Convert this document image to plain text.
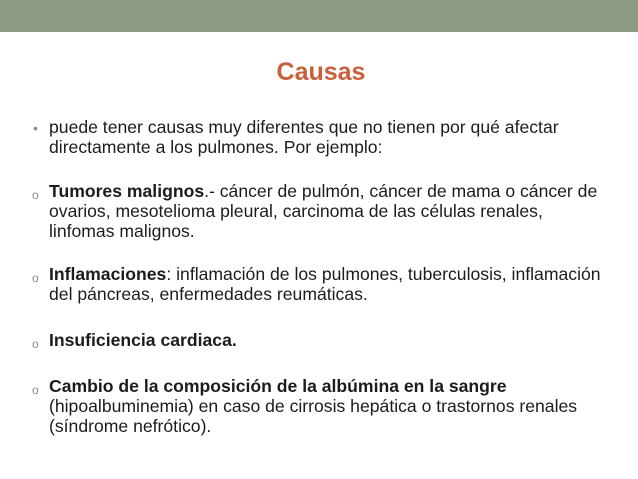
Causas
• puede tener causas muy diferentes que no tienen por qué afectar directamente a los pulmones. Por ejemplo:
o Tumores malignos.- cáncer de pulmón, cáncer de mama o cáncer de ovarios, mesotelioma pleural, carcinoma de las células renales, linfomas malignos.
o Inflamaciones: inflamación de los pulmones, tuberculosis, inflamación del páncreas, enfermedades reumáticas.
o Insuficiencia cardiaca.
o Cambio de la composición de la albúmina en la sangre (hipoalbuminemia) en caso de cirrosis hepática o trastornos renales (síndrome nefrótico).
